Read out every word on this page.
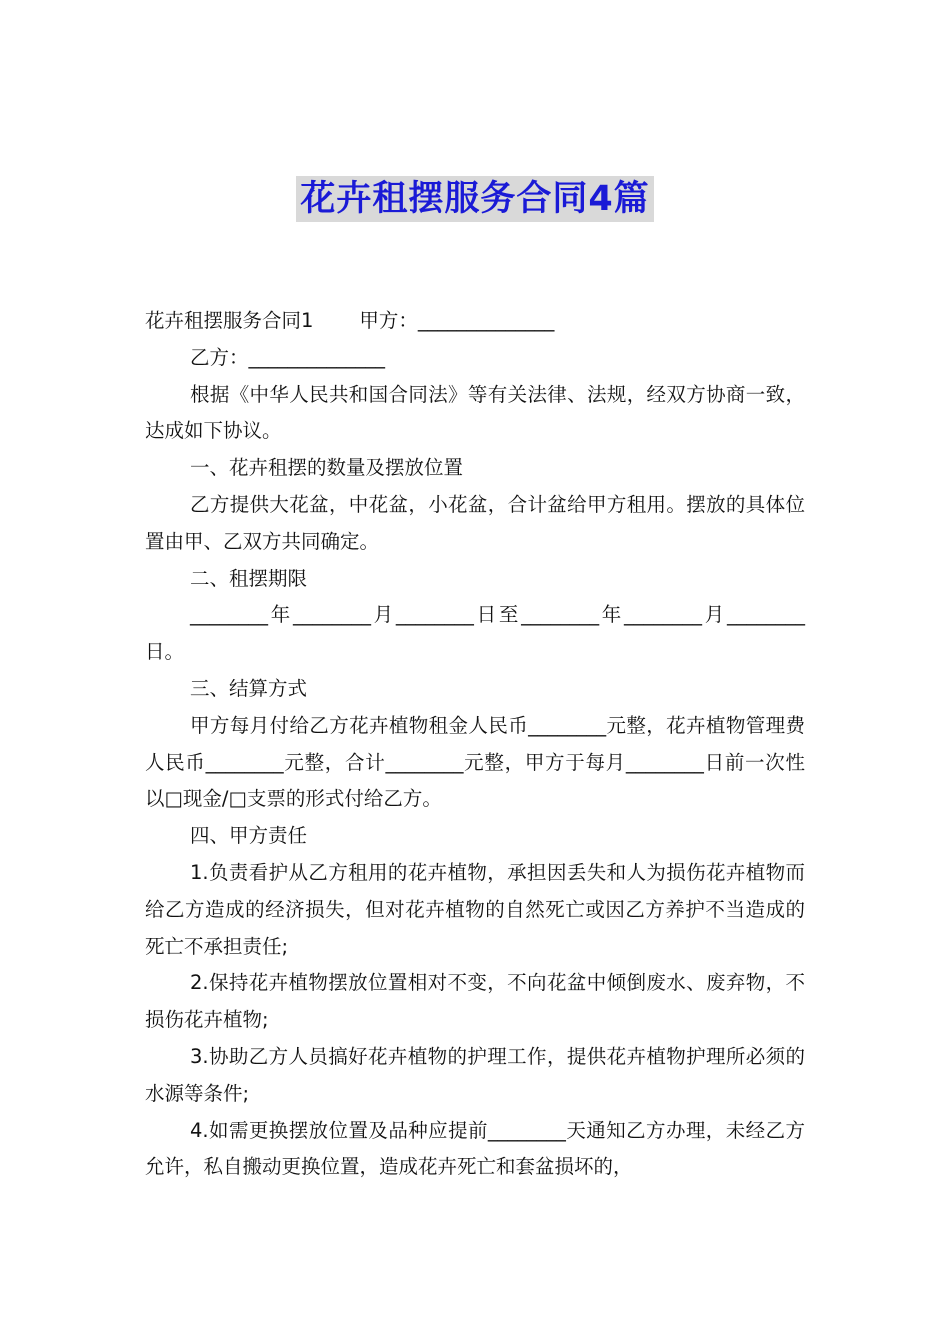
花卉租摆服务合同4篇

花卉租摆服务合同1 甲方：______________

乙方：______________

根据《中华人民共和国合同法》等有关法律、法规，经双方协商一致，达成如下协议。

一、花卉租摆的数量及摆放位置

乙方提供大花盆，中花盆，小花盆，合计盆给甲方租用。摆放的具体位置由甲、乙双方共同确定。

二、租摆期限

________年________月________日至________年________月________日。

三、结算方式

甲方每月付给乙方花卉植物租金人民币________元整，花卉植物管理费人民币________元整，合计________元整，甲方于每月________日前一次性以□现金/□支票的形式付给乙方。

四、甲方责任

1.负责看护从乙方租用的花卉植物，承担因丢失和人为损伤花卉植物而给乙方造成的经济损失，但对花卉植物的自然死亡或因乙方养护不当造成的死亡不承担责任;

2.保持花卉植物摆放位置相对不变，不向花盆中倾倒废水、废弃物，不损伤花卉植物;

3.协助乙方人员搞好花卉植物的护理工作，提供花卉植物护理所必须的水源等条件;

4.如需更换摆放位置及品种应提前________天通知乙方办理，未经乙方允许，私自搬动更换位置，造成花卉死亡和套盆损坏的，
